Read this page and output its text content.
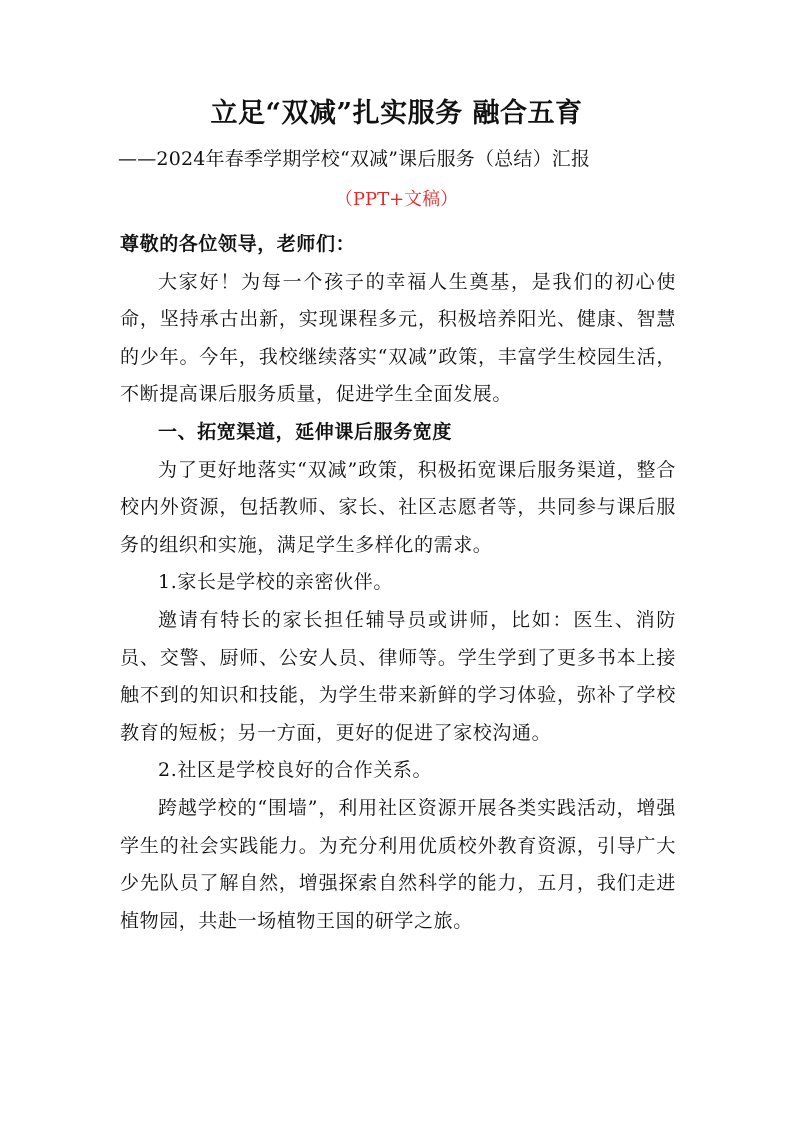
立足“双减”扎实服务 融合五育
——2024年春季学期学校“双减”课后服务（总结）汇报
（PPT+文稿）

尊敬的各位领导，老师们：

大家好！为每一个孩子的幸福人生奠基，是我们的初心使命，坚持承古出新，实现课程多元，积极培养阳光、健康、智慧的少年。今年，我校继续落实“双减”政策，丰富学生校园生活，不断提高课后服务质量，促进学生全面发展。

一、拓宽渠道，延伸课后服务宽度

为了更好地落实“双减”政策，积极拓宽课后服务渠道，整合校内外资源，包括教师、家长、社区志愿者等，共同参与课后服务的组织和实施，满足学生多样化的需求。

1.家长是学校的亲密伙伴。

邀请有特长的家长担任辅导员或讲师，比如：医生、消防员、交警、厨师、公安人员、律师等。学生学到了更多书本上接触不到的知识和技能，为学生带来新鲜的学习体验，弥补了学校教育的短板；另一方面，更好的促进了家校沟通。

2.社区是学校良好的合作关系。

跨越学校的“围墙”，利用社区资源开展各类实践活动，增强学生的社会实践能力。为充分利用优质校外教育资源，引导广大少先队员了解自然，增强探索自然科学的能力，五月，我们走进植物园，共赴一场植物王国的研学之旅。
